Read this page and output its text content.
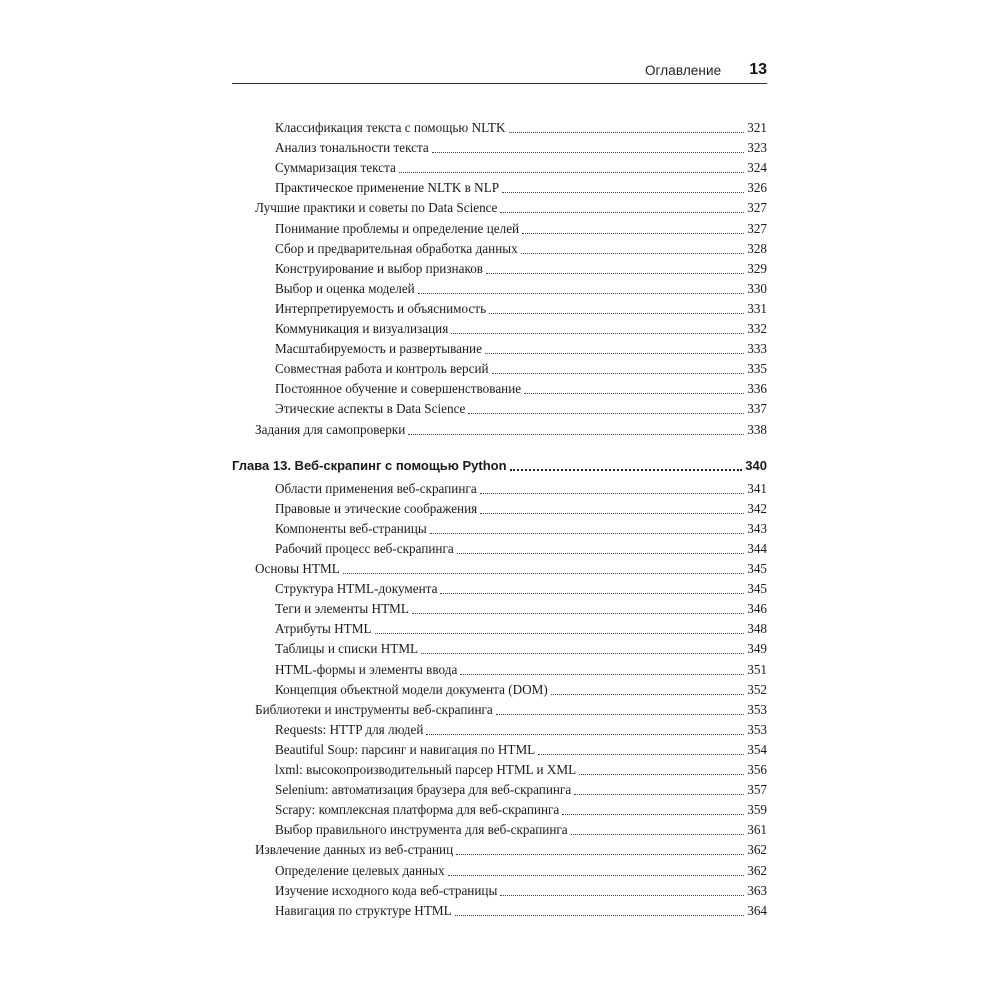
Оглавление 13
Классификация текста с помощью NLTK	321
Анализ тональности текста	323
Суммаризация текста	324
Практическое применение NLTK в NLP	326
Лучшие практики и советы по Data Science	327
Понимание проблемы и определение целей	327
Сбор и предварительная обработка данных	328
Конструирование и выбор признаков	329
Выбор и оценка моделей	330
Интерпретируемость и объяснимость	331
Коммуникация и визуализация	332
Масштабируемость и развертывание	333
Совместная работа и контроль версий	335
Постоянное обучение и совершенствование	336
Этические аспекты в Data Science	337
Задания для самопроверки	338
Глава 13. Веб-скрапинг с помощью Python	340
Области применения веб-скрапинга	341
Правовые и этические соображения	342
Компоненты веб-страницы	343
Рабочий процесс веб-скрапинга	344
Основы HTML	345
Структура HTML-документа	345
Теги и элементы HTML	346
Атрибуты HTML	348
Таблицы и списки HTML	349
HTML-формы и элементы ввода	351
Концепция объектной модели документа (DOM)	352
Библиотеки и инструменты веб-скрапинга	353
Requests: HTTP для людей	353
Beautiful Soup: парсинг и навигация по HTML	354
lxml: высокопроизводительный парсер HTML и XML	356
Selenium: автоматизация браузера для веб-скрапинга	357
Scrapy: комплексная платформа для веб-скрапинга	359
Выбор правильного инструмента для веб-скрапинга	361
Извлечение данных из веб-страниц	362
Определение целевых данных	362
Изучение исходного кода веб-страницы	363
Навигация по структуре HTML	364
